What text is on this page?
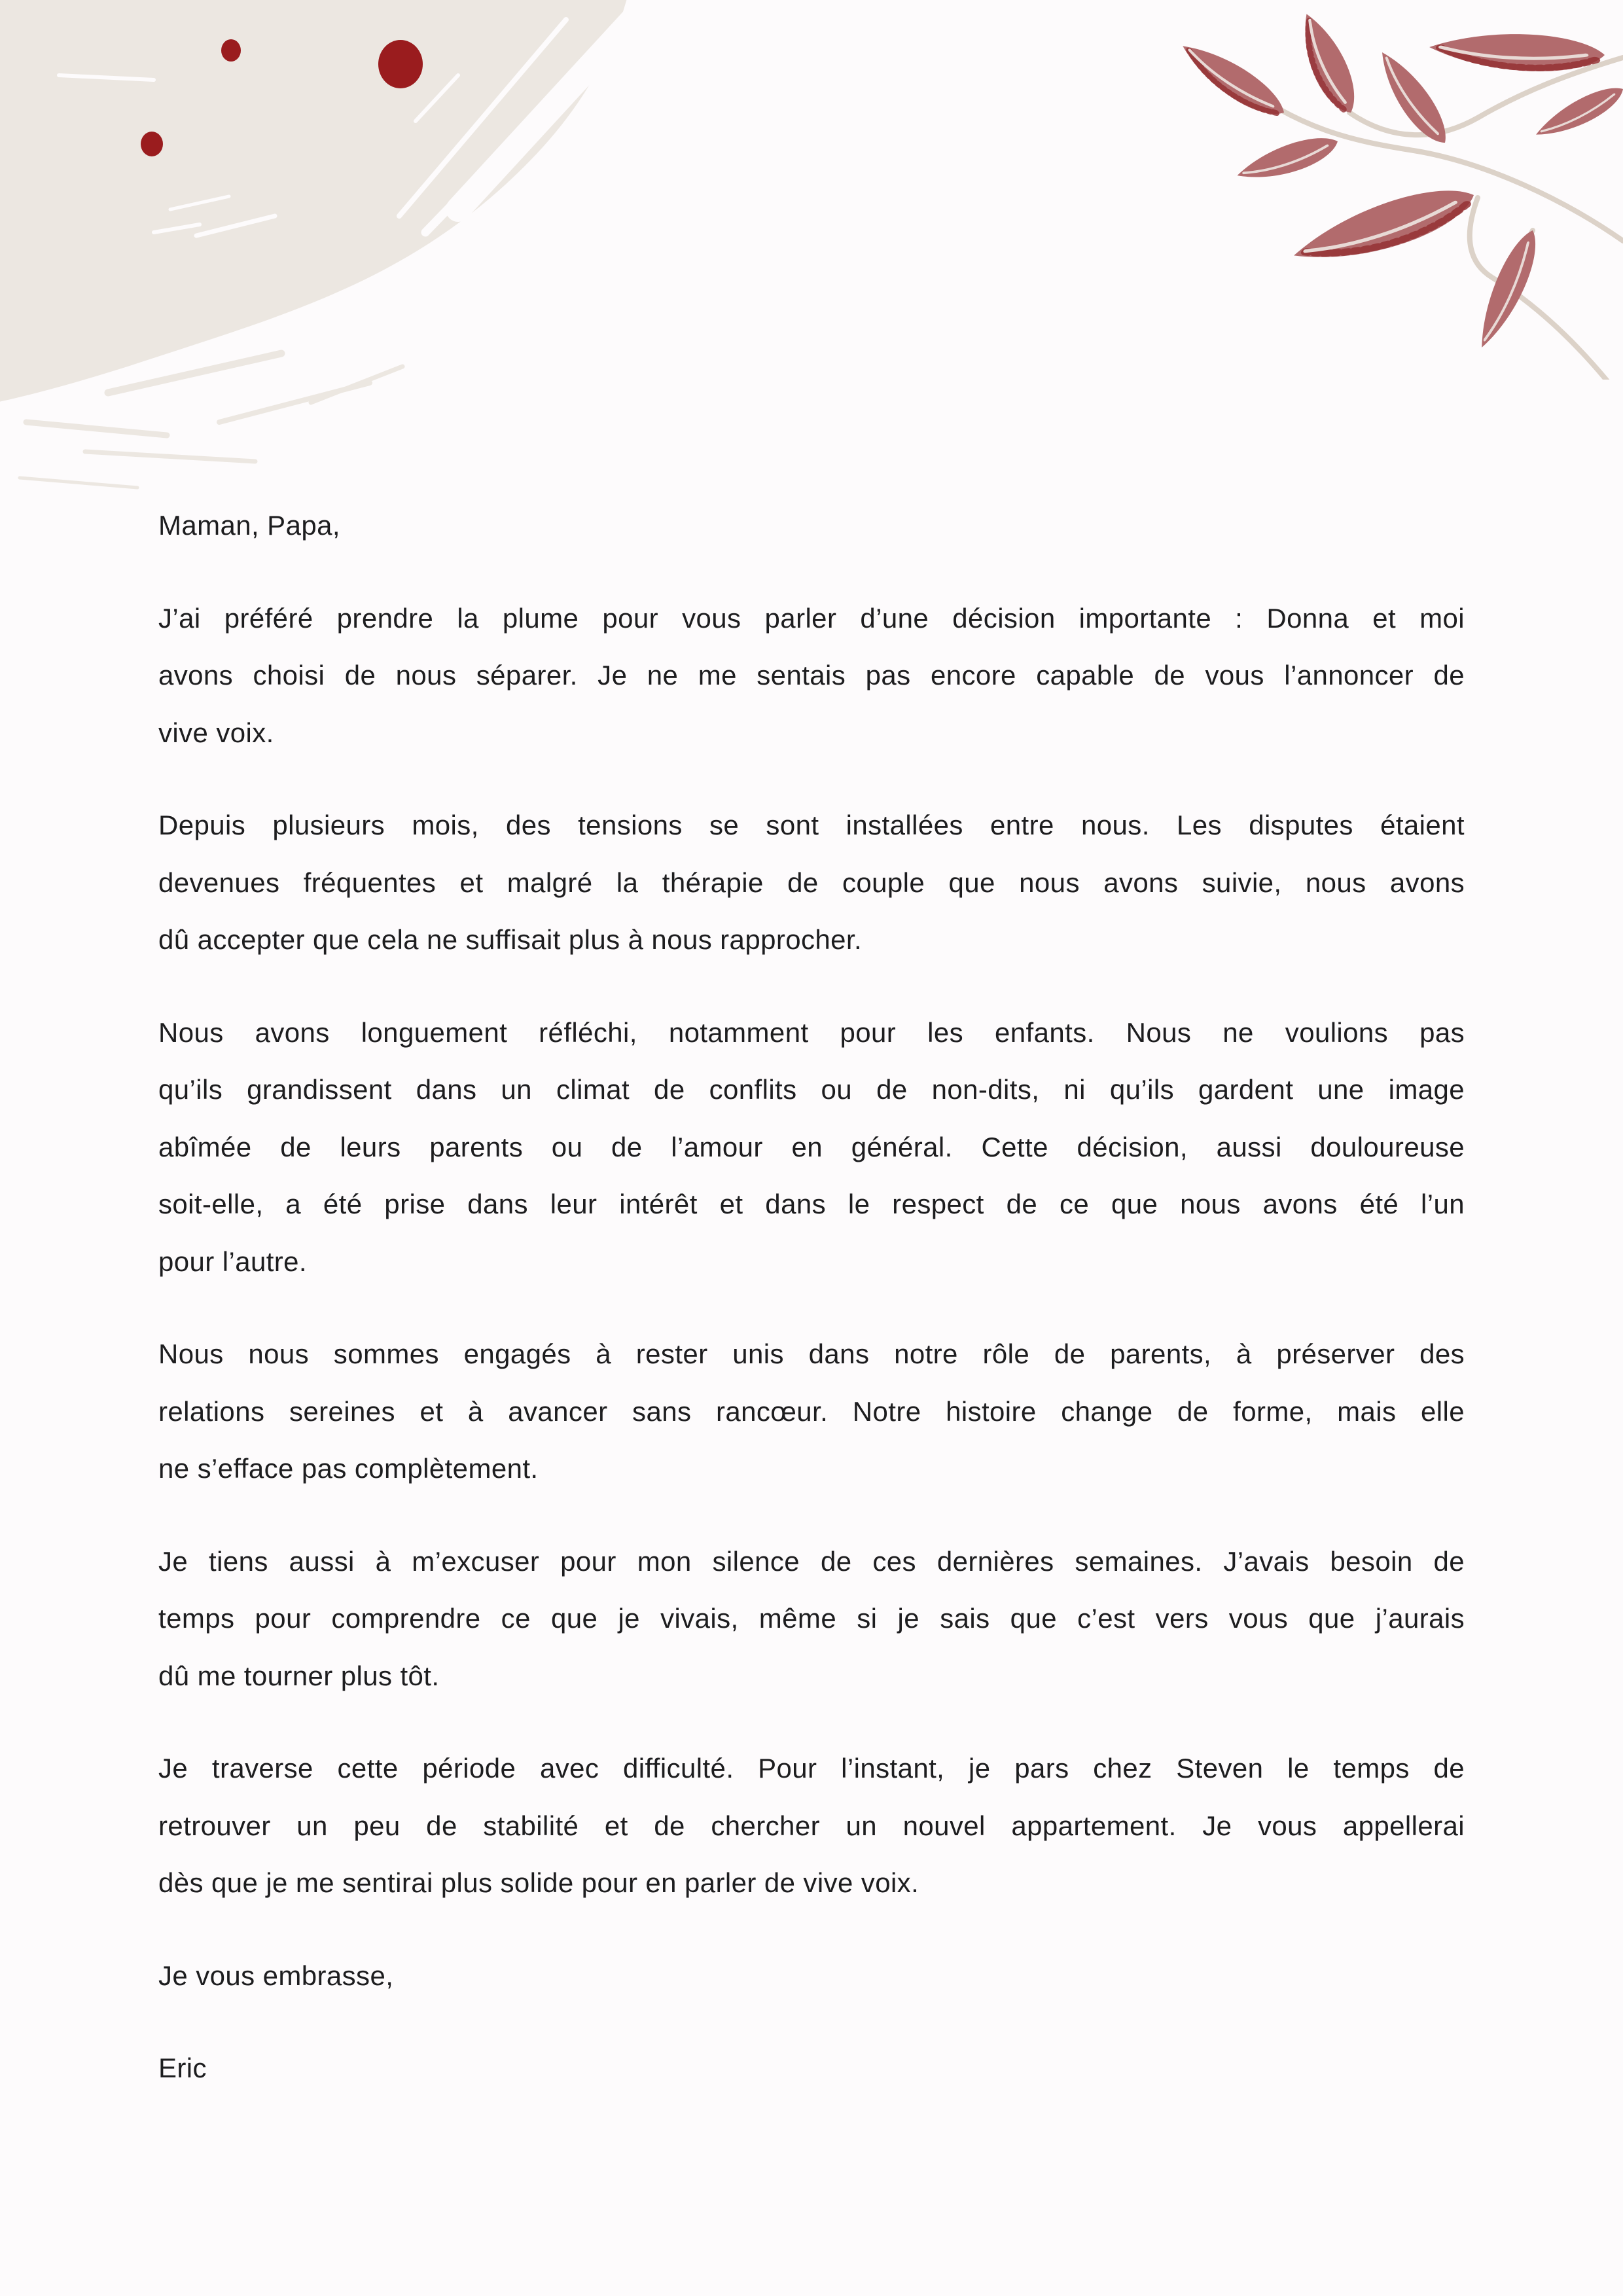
Maman, Papa,
J’ai préféré prendre la plume pour vous parler d’une décision importante : Donna et moi
avons choisi de nous séparer. Je ne me sentais pas encore capable de vous l’annoncer de
vive voix.
Depuis plusieurs mois, des tensions se sont installées entre nous. Les disputes étaient
devenues fréquentes et malgré la thérapie de couple que nous avons suivie, nous avons
dû accepter que cela ne suffisait plus à nous rapprocher.
Nous avons longuement réfléchi, notamment pour les enfants. Nous ne voulions pas
qu’ils grandissent dans un climat de conflits ou de non-dits, ni qu’ils gardent une image
abîmée de leurs parents ou de l’amour en général. Cette décision, aussi douloureuse
soit-elle, a été prise dans leur intérêt et dans le respect de ce que nous avons été l’un
pour l’autre.
Nous nous sommes engagés à rester unis dans notre rôle de parents, à préserver des
relations sereines et à avancer sans rancœur. Notre histoire change de forme, mais elle
ne s’efface pas complètement.
Je tiens aussi à m’excuser pour mon silence de ces dernières semaines. J’avais besoin de
temps pour comprendre ce que je vivais, même si je sais que c’est vers vous que j’aurais
dû me tourner plus tôt.
Je traverse cette période avec difficulté. Pour l’instant, je pars chez Steven le temps de
retrouver un peu de stabilité et de chercher un nouvel appartement. Je vous appellerai
dès que je me sentirai plus solide pour en parler de vive voix.
Je vous embrasse,
Eric
